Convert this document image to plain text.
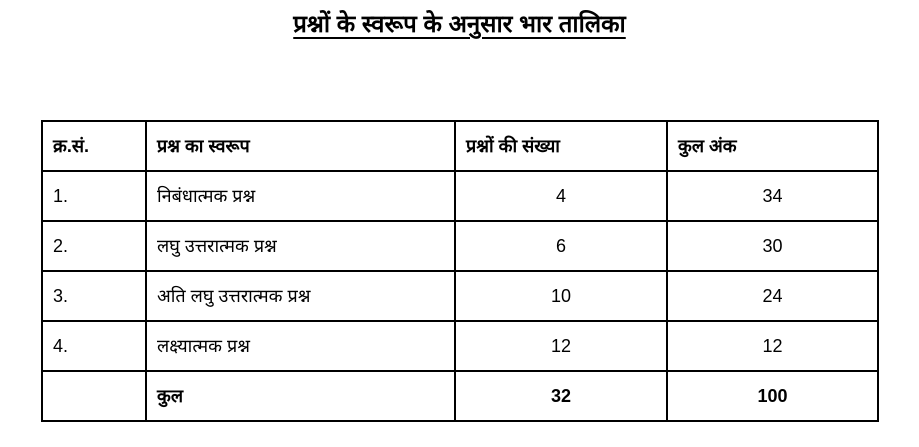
प्रश्नों के स्वरूप के अनुसार भार तालिका
क्र.सं.	प्रश्न का स्वरूप	प्रश्नों की संख्या	कुल अंक
1.	निबंधात्मक प्रश्न	4	34
2.	लघु उत्तरात्मक प्रश्न	6	30
3.	अति लघु उत्तरात्मक प्रश्न	10	24
4.	लक्ष्यात्मक प्रश्न	12	12
	कुल	32	100
